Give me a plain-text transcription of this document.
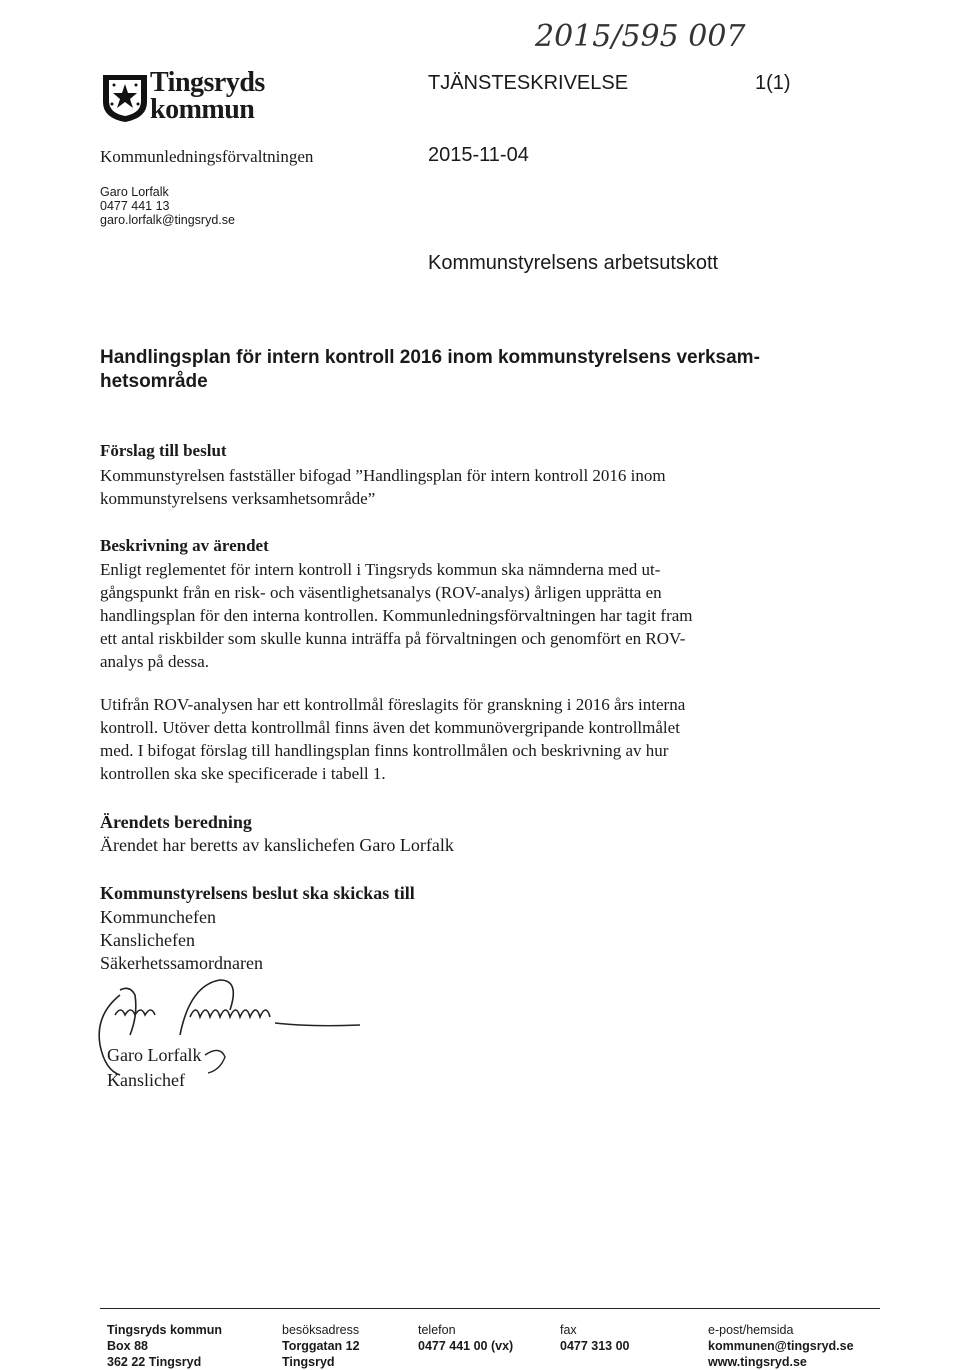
2015/595 007
Tingsryds
kommun
TJÄNSTESKRIVELSE	1(1)
Kommunledningsförvaltningen	2015-11-04
Garo Lorfalk
0477 441 13
garo.lorfalk@tingsryd.se
Kommunstyrelsens arbetsutskott
Handlingsplan för intern kontroll 2016 inom kommunstyrelsens verksam-
hetsområde
Förslag till beslut
Kommunstyrelsen fastställer bifogad ”Handlingsplan för intern kontroll 2016 inom
kommunstyrelsens verksamhetsområde”
Beskrivning av ärendet
Enligt reglementet för intern kontroll i Tingsryds kommun ska nämnderna med ut-
gångspunkt från en risk- och väsentlighetsanalys (ROV-analys) årligen upprätta en
handlingsplan för den interna kontrollen. Kommunledningsförvaltningen har tagit fram
ett antal riskbilder som skulle kunna inträffa på förvaltningen och genomfört en ROV-
analys på dessa.
Utifrån ROV-analysen har ett kontrollmål föreslagits för granskning i 2016 års interna
kontroll. Utöver detta kontrollmål finns även det kommunövergripande kontrollmålet
med. I bifogat förslag till handlingsplan finns kontrollmålen och beskrivning av hur
kontrollen ska ske specificerade i tabell 1.
Ärendets beredning
Ärendet har beretts av kanslichefen Garo Lorfalk
Kommunstyrelsens beslut ska skickas till
Kommunchefen
Kanslichefen
Säkerhetssamordnaren
Garo Lorfalk
Kanslichef
Tingsryds kommun
Box 88
362 22 Tingsryd
besöksadress
Torggatan 12
Tingsryd
telefon
0477 441 00 (vx)
fax
0477 313 00
e-post/hemsida
kommunen@tingsryd.se
www.tingsryd.se
